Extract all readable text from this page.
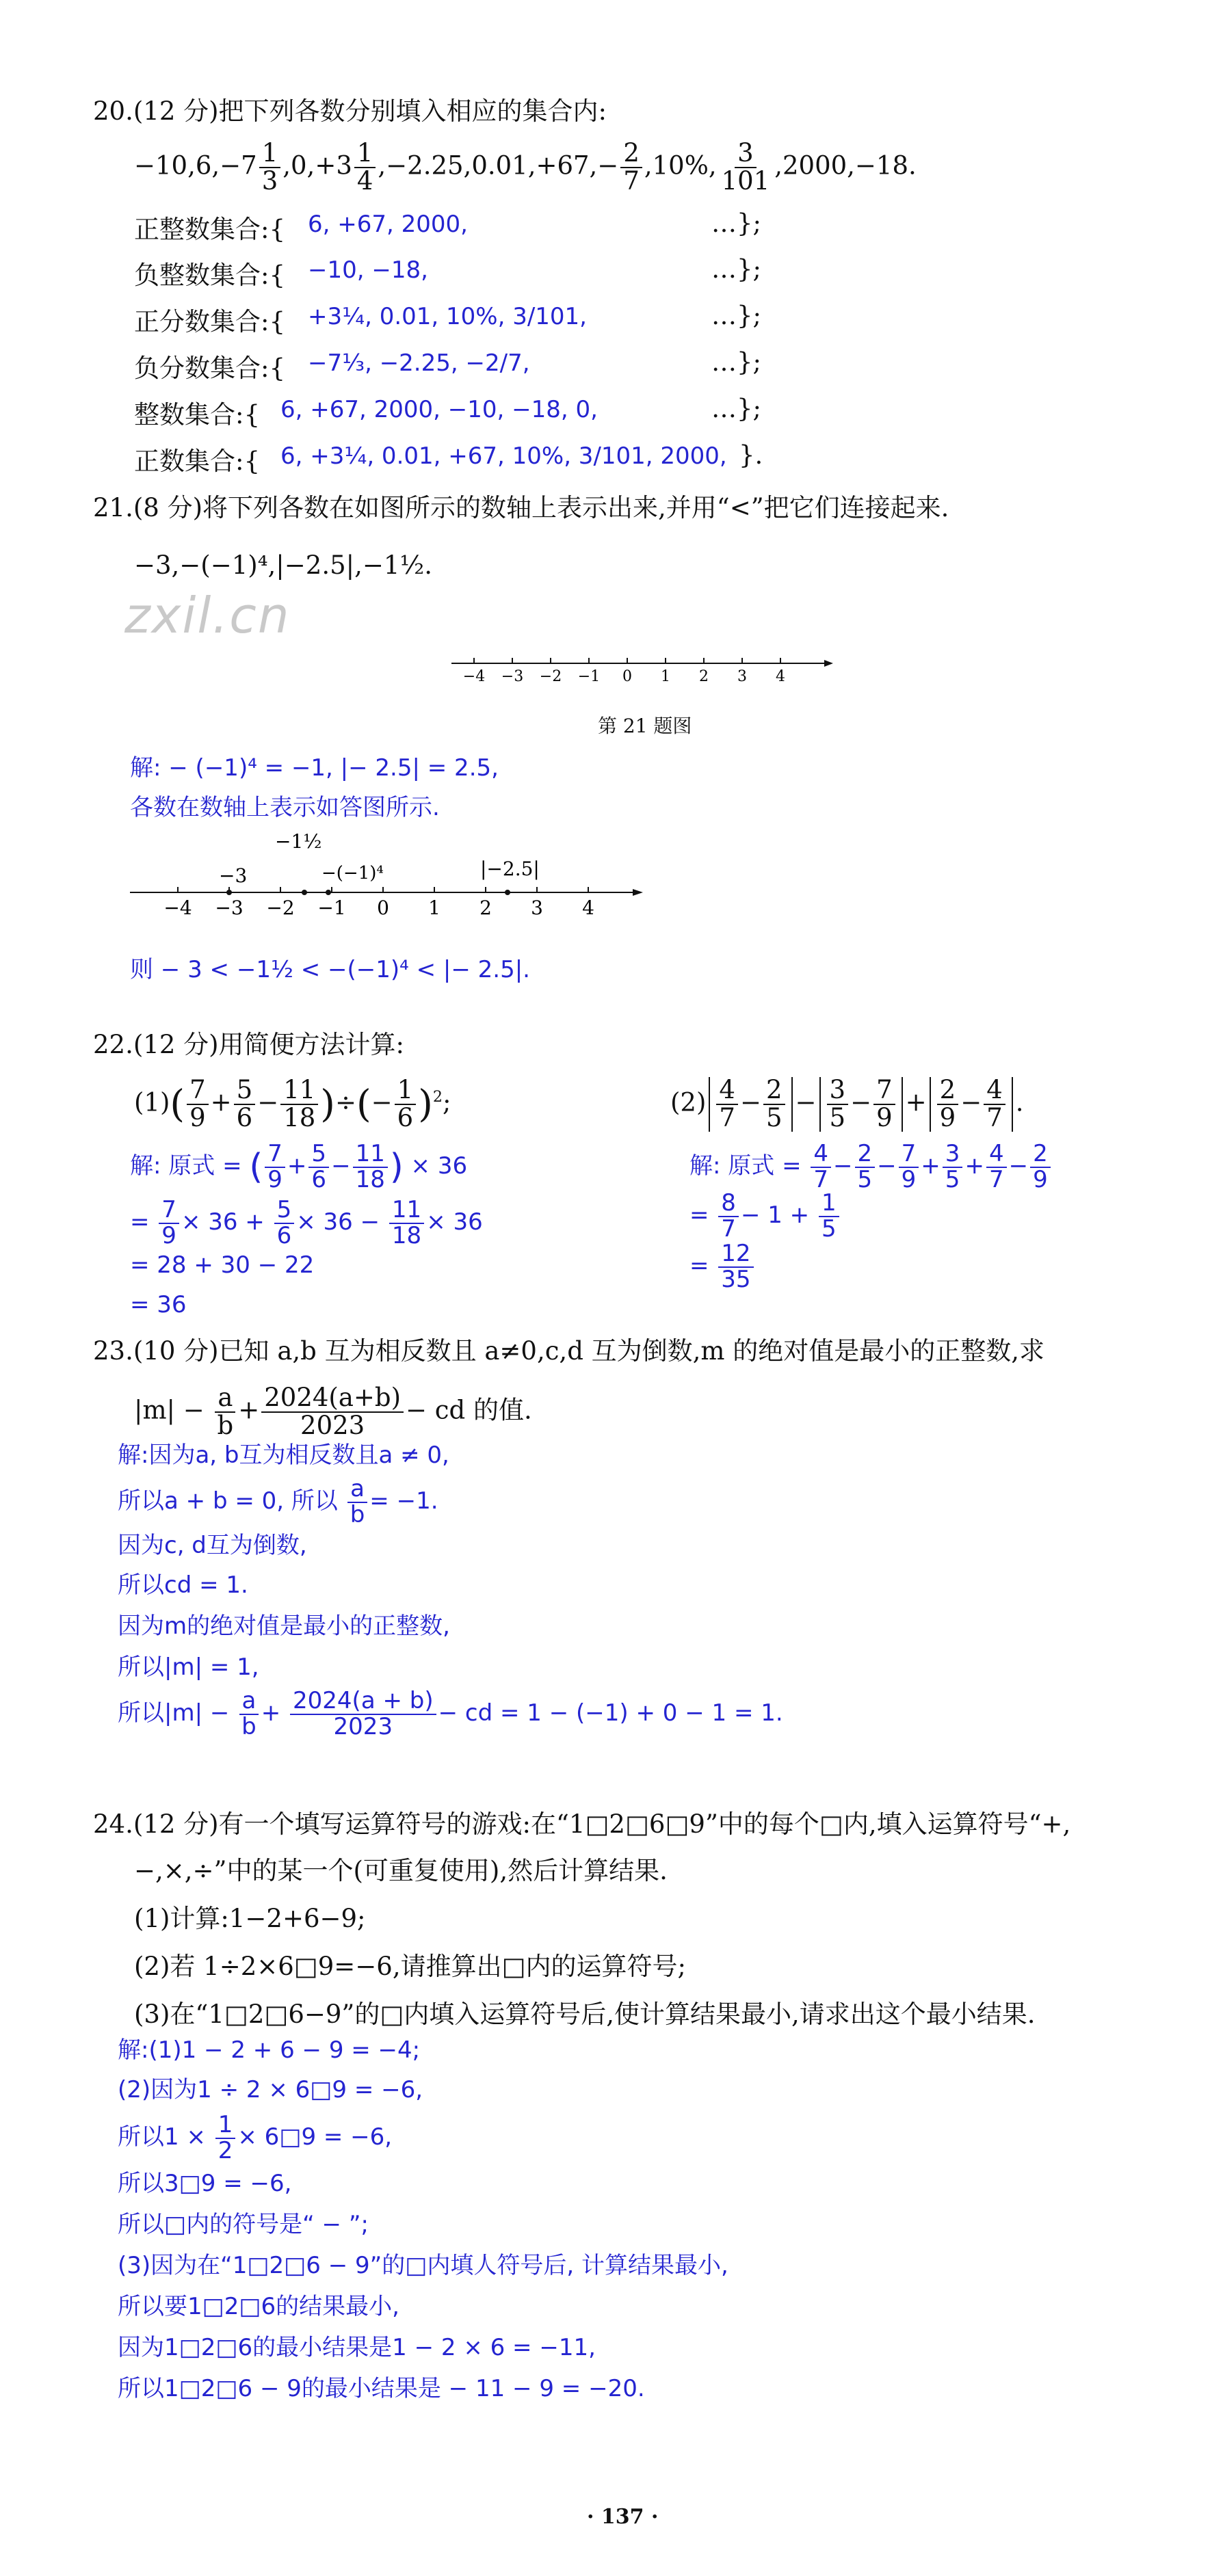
20.(12 分)把下列各数分别填入相应的集合内:
$-10,6,-7 \frac{1}{3} ,0,+3 \frac{1}{4} ,-2.25,0.01,+67,- \frac{2}{7} ,10\%$, $\frac{3}{101} ,2000,-18$.
正整数集合:{ 6, +67, 2000,	…};
负整数集合:{ −10, −18,	…};
正分数集合:{ +3¼, 0.01, 10%, 3/101,	…};
负分数集合:{ −7⅓, −2.25, −2/7,	…};
整数集合:{ 6, +67, 2000, −10, −18, 0,	…};
正数集合:{ 6, +3¼, 0.01, +67, 10%, 3/101, 2000, }.
21.(8 分)将下列各数在如图所示的数轴上表示出来,并用“<”把它们连接起来.
−3,−(−1)⁴,|−2.5|,−1½.
zxil.cn
−4 −3 −2 −1 0 1 2 3 4
第 21 题图
解: − (−1)⁴ = −1, |− 2.5| = 2.5,
各数在数轴上表示如答图所示.
−4 −3 −2 −1 0 1 2 3 4
−3
−1½
−(−1)⁴	|−2.5|
则 − 3 < −1½ < −(−1)⁴ < |− 2.5|.
22.(12 分)用简便方法计算:
$(1)( \frac{7}{9} + \frac{5}{6} - \frac{11}{18}$ )÷(− $\frac{1}{6} )^2$;	$(2) \frac{4}{7} - \frac{2}{5} - \frac{3}{5} - \frac{7}{9} + \frac{2}{9} - \frac{4}{7}$ .
解: 原式 = ( $\frac{7}{9} + \frac{5}{6} - \frac{11}{18}$ ) × 36
= $\frac{7}{9} \times 36 + \frac{5}{6} \times 36 - \frac{11}{18} \times 36$
= 28 + 30 − 22
= 36
解: 原式 = $\frac{4}{7} - \frac{2}{5} - \frac{7}{9} + \frac{3}{5} + \frac{4}{7} - \frac{2}{9}$
= $\frac{8}{7} - 1 + \frac{1}{5}$
= $\frac{12}{35}$
23.(10 分)已知 a,b 互为相反数且 a≠0,c,d 互为倒数,m 的绝对值是最小的正整数,求
$|m| - \frac{a}{b} + \frac{2024(a+b)}{2023}$ − cd 的值.
解:因为a, b互为相反数且a ≠ 0,
所以a + b = 0, 所以 $\frac{a}{b} = -1$.
因为c, d互为倒数,
所以cd = 1.
因为m的绝对值是最小的正整数,
所以|m| = 1,
所以$|m| - \frac{a}{b} + \frac{2024(a + b)}{2023}$ − cd = 1 − (−1) + 0 − 1 = 1.
24.(12 分)有一个填写运算符号的游戏:在“1□2□6□9”中的每个□内,填入运算符号“+,
−,×,÷”中的某一个(可重复使用),然后计算结果.
(1)计算:1−2+6−9;
(2)若 1÷2×6□9=−6,请推算出□内的运算符号;
(3)在“1□2□6−9”的□内填入运算符号后,使计算结果最小,请求出这个最小结果.
解:(1)1 − 2 + 6 − 9 = −4;
(2)因为1 ÷ 2 × 6□9 = −6,
所以$1 \times \frac{1}{2}$ × 6□9 = −6,
所以3□9 = −6,
所以□内的符号是“ − ”;
(3)因为在“1□2□6 − 9”的□内填人符号后, 计算结果最小,
所以要1□2□6的结果最小,
因为1□2□6的最小结果是1 − 2 × 6 = −11,
所以1□2□6 − 9的最小结果是 − 11 − 9 = −20.
· 137 ·
